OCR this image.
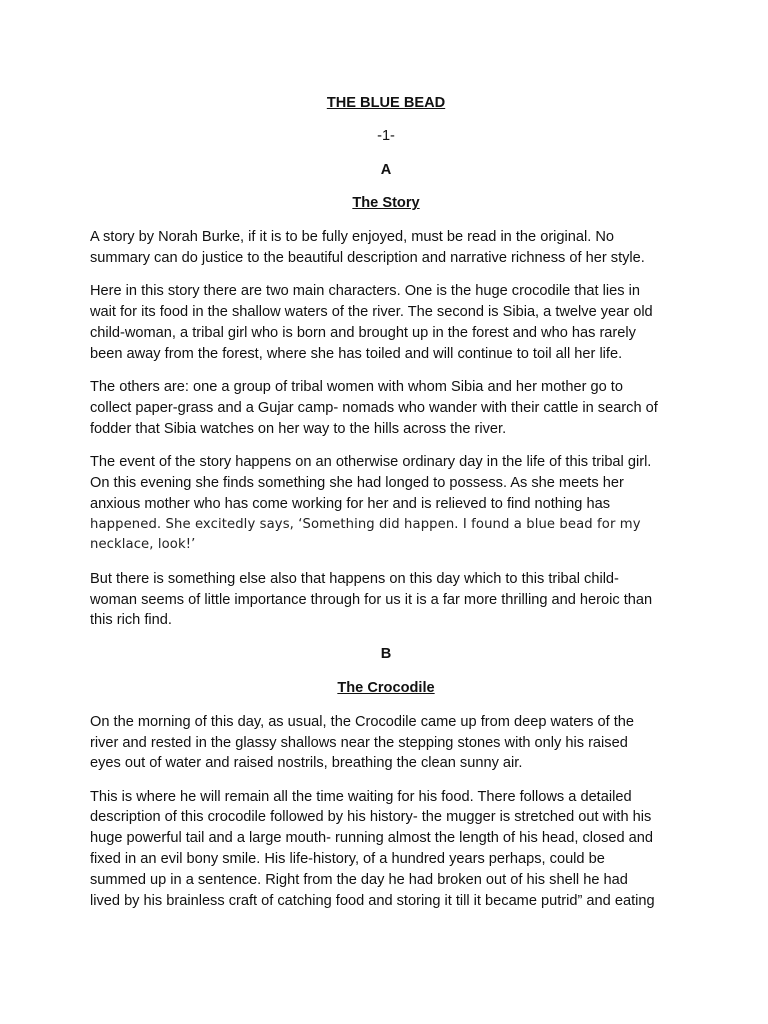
THE BLUE BEAD

-1-

A

The Story

A story by Norah Burke, if it is to be fully enjoyed, must be read in the original. No
summary can do justice to the beautiful description and narrative richness of her style.

Here in this story there are two main characters. One is the huge crocodile that lies in
wait for its food in the shallow waters of the river. The second is Sibia, a twelve year old
child-woman, a tribal girl who is born and brought up in the forest and who has rarely
been away from the forest, where she has toiled and will continue to toil all her life.

The others are: one a group of tribal women with whom Sibia and her mother go to
collect paper-grass and a Gujar camp- nomads who wander with their cattle in search of
fodder that Sibia watches on her way to the hills across the river.

The event of the story happens on an otherwise ordinary day in the life of this tribal girl.
On this evening she finds something she had longed to possess. As she meets her
anxious mother who has come working for her and is relieved to find nothing has
happened. She excitedly says, ‘Something did happen. I found a blue bead for my
necklace, look!’

But there is something else also that happens on this day which to this tribal child-
woman seems of little importance through for us it is a far more thrilling and heroic than
this rich find.

B

The Crocodile

On the morning of this day, as usual, the Crocodile came up from deep waters of the
river and rested in the glassy shallows near the stepping stones with only his raised
eyes out of water and raised nostrils, breathing the clean sunny air.

This is where he will remain all the time waiting for his food. There follows a detailed
description of this crocodile followed by his history- the mugger is stretched out with his
huge powerful tail and a large mouth- running almost the length of his head, closed and
fixed in an evil bony smile. His life-history, of a hundred years perhaps, could be
summed up in a sentence. Right from the day he had broken out of his shell he had
lived by his brainless craft of catching food and storing it till it became putrid” and eating
